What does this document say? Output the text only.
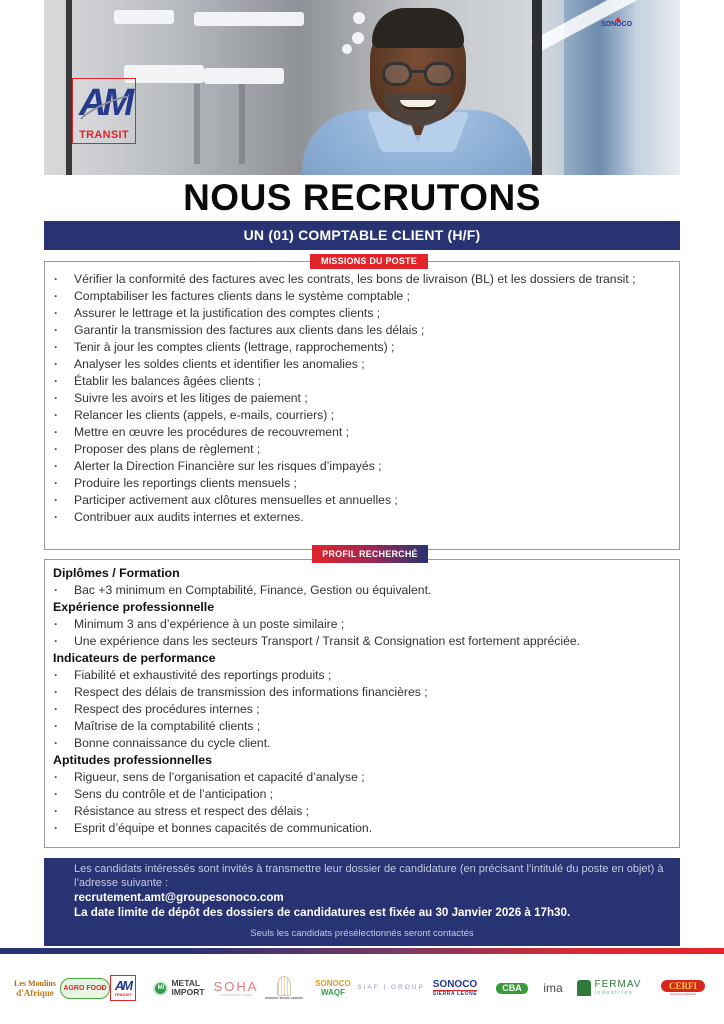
AM
TRANSIT
SONOCO
NOUS RECRUTONS
UN (01) COMPTABLE CLIENT (H/F)
· Vérifier la conformité des factures avec les contrats, les bons de livraison (BL) et les dossiers de transit ;
· Comptabiliser les factures clients dans le système comptable ;
· Assurer le lettrage et la justification des comptes clients ;
· Garantir la transmission des factures aux clients dans les délais ;
· Tenir à jour les comptes clients (lettrage, rapprochements) ;
· Analyser les soldes clients et identifier les anomalies ;
· Établir les balances âgées clients ;
· Suivre les avoirs et les litiges de paiement ;
· Relancer les clients (appels, e-mails, courriers) ;
· Mettre en œuvre les procédures de recouvrement ;
· Proposer des plans de règlement ;
· Alerter la Direction Financière sur les risques d’impayés ;
· Produire les reportings clients mensuels ;
· Participer activement aux clôtures mensuelles et annuelles ;
· Contribuer aux audits internes et externes.
MISSIONS DU POSTE
Diplômes / Formation
· Bac +3 minimum en Comptabilité, Finance, Gestion ou équivalent.
Expérience professionnelle
· Minimum 3 ans d’expérience à un poste similaire ;
· Une expérience dans les secteurs Transport / Transit & Consignation est fortement appréciée.
Indicateurs de performance
· Fiabilité et exhaustivité des reportings produits ;
· Respect des délais de transmission des informations financières ;
· Respect des procédures internes ;
· Maîtrise de la comptabilité clients ;
· Bonne connaissance du cycle client.
Aptitudes professionnelles
· Rigueur, sens de l’organisation et capacité d’analyse ;
· Sens du contrôle et de l’anticipation ;
· Résistance au stress et respect des délais ;
· Esprit d’équipe et bonnes capacités de communication.
PROFIL RECHERCHÉ

Les candidats intéressés sont invités à transmettre leur dossier de candidature (en précisant l’intitulé du poste en objet) à l’adresse suivante :

recrutement.amt@groupesonoco.com

La date limite de dépôt des dossiers de candidatures est fixée au 30 Janvier 2026 à 17h30.

Seuls les candidats présélectionnés seront contactés

Les Moulins
d'Afrique	AGRO FOOD AM
TRANSIT
MI METAL
IMPORT SOHA
CONSTRUCTIONS
SONOCO TRADE CENTER
SONOCO
WAQF
SIAF | GROUP SONOCO
SIERRA LEONE
CBA	ima	FERMAV
industries
CERFI
certi-food industries
